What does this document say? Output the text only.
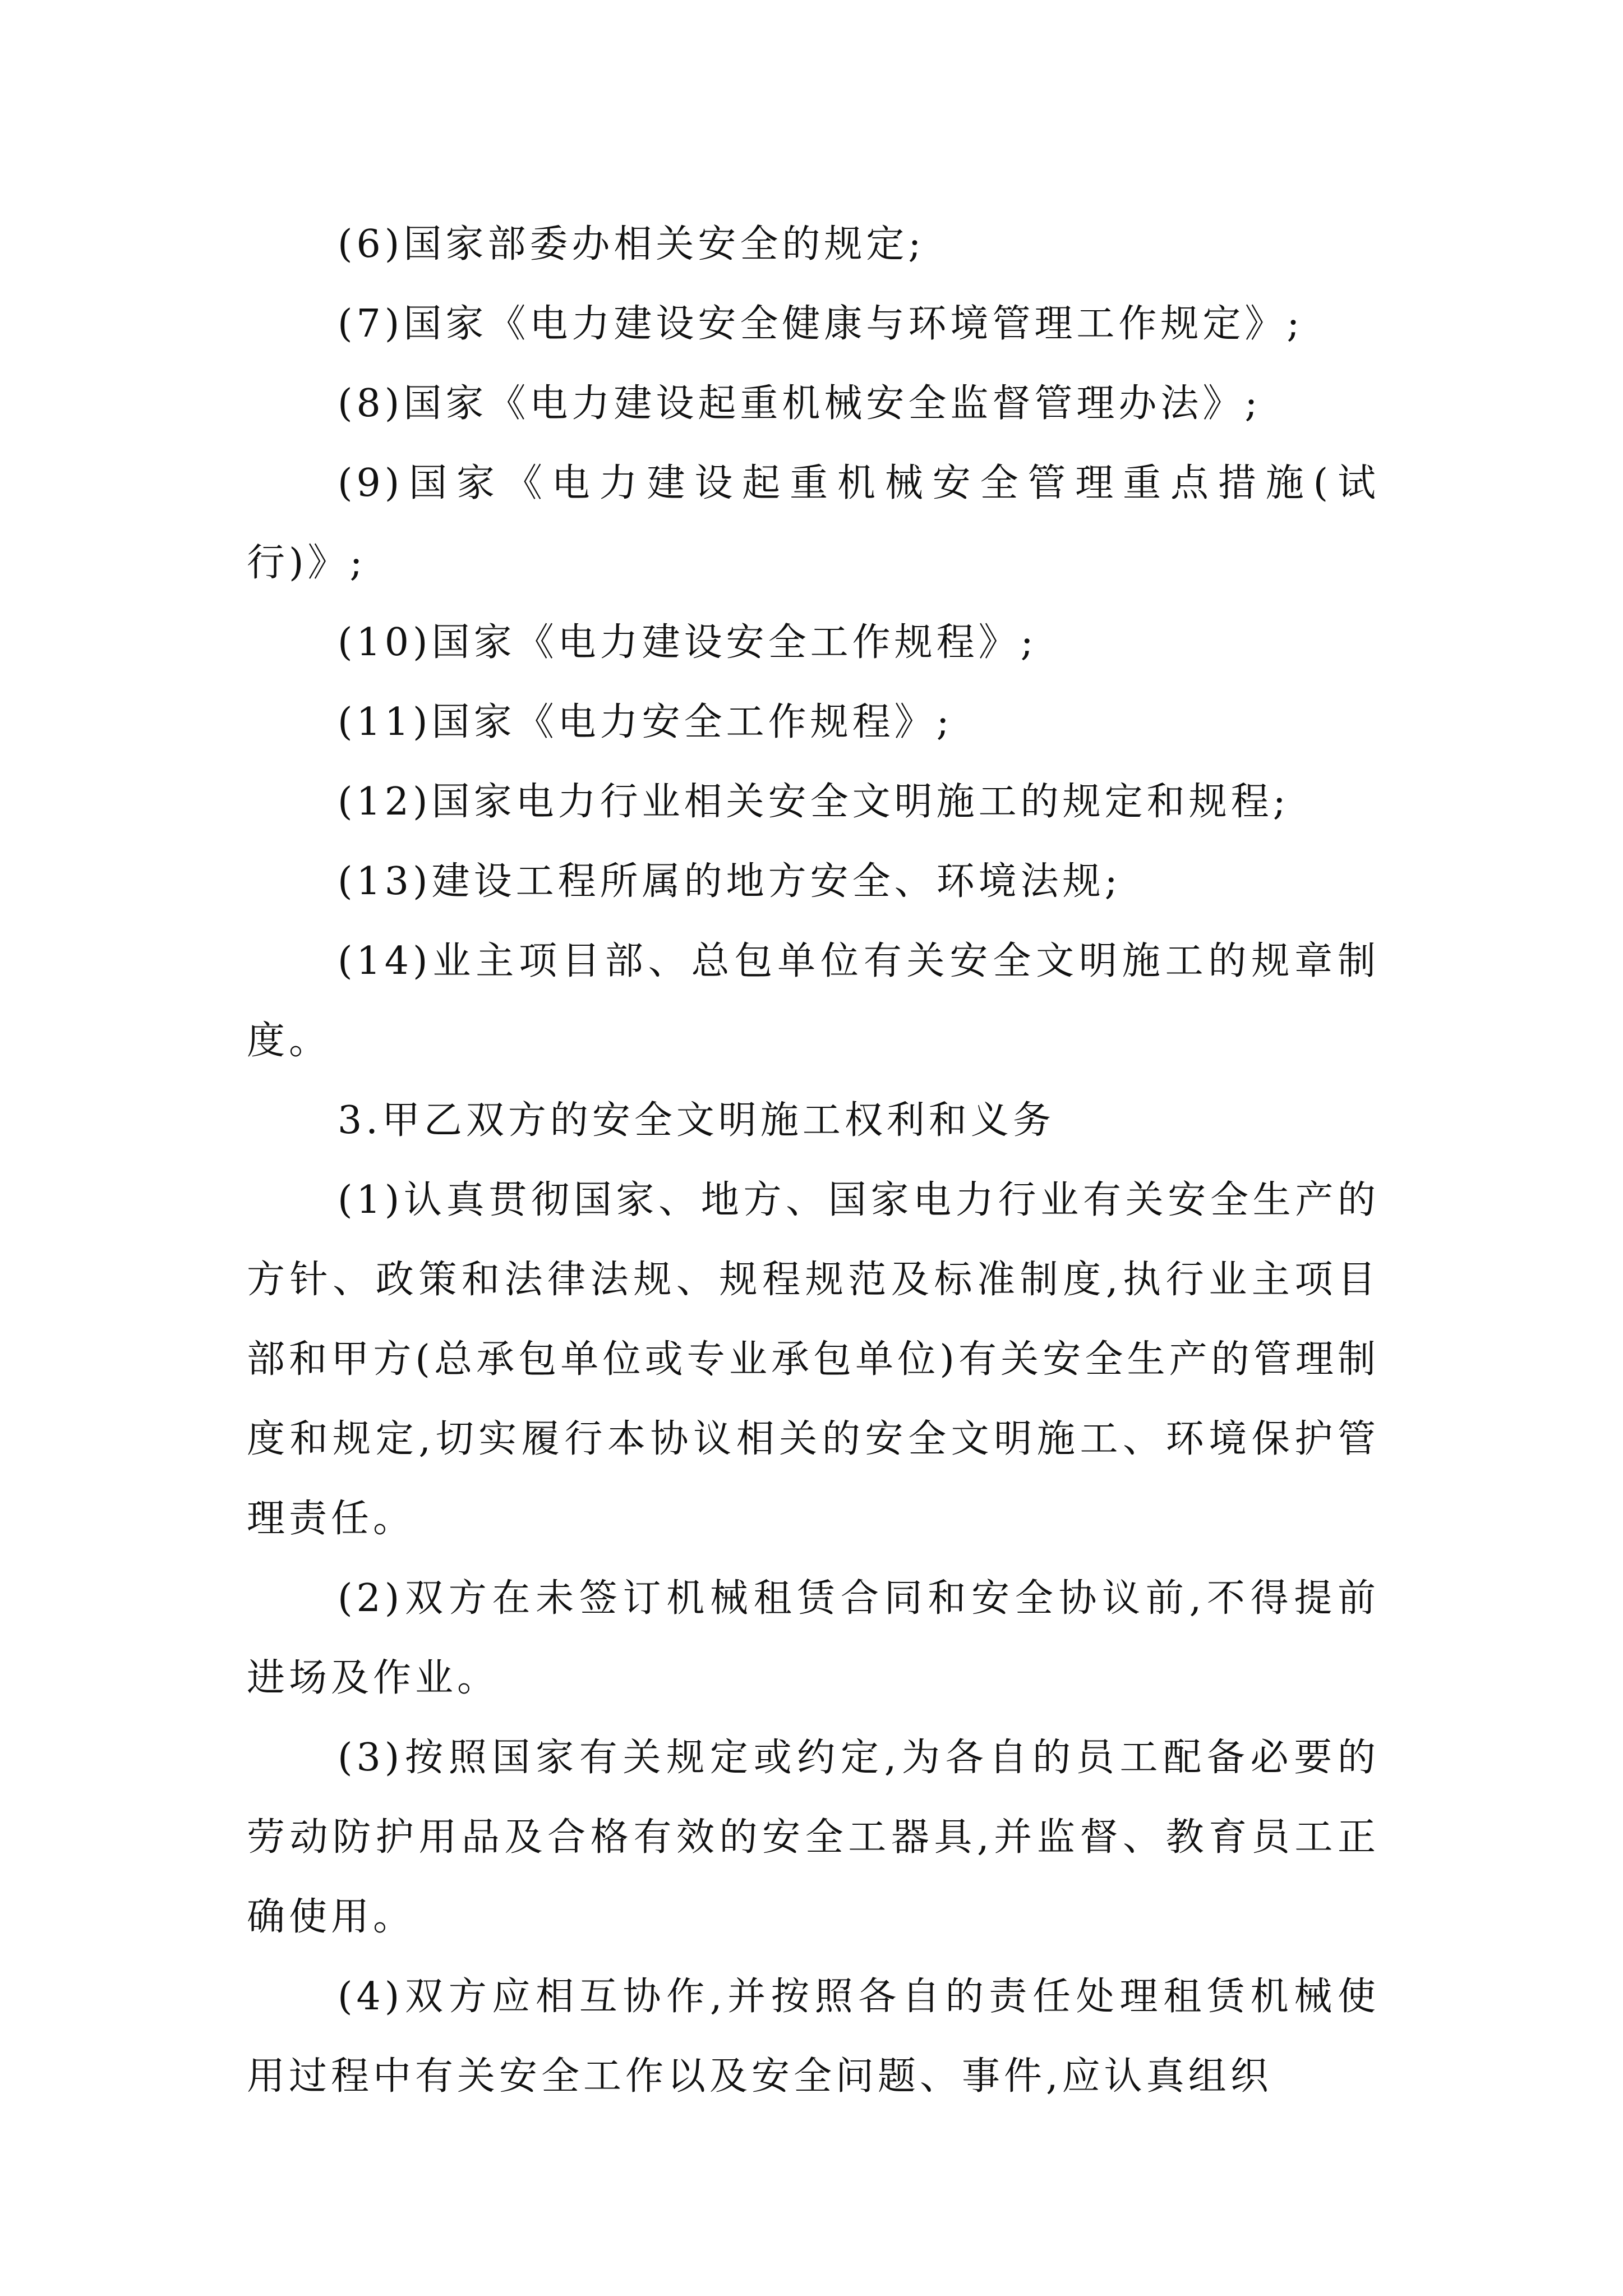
(6)国家部委办相关安全的规定;

(7)国家《电力建设安全健康与环境管理工作规定》;

(8)国家《电力建设起重机械安全监督管理办法》;

(9)国家《电力建设起重机械安全管理重点措施(试行)》;

(10)国家《电力建设安全工作规程》;

(11)国家《电力安全工作规程》;

(12)国家电力行业相关安全文明施工的规定和规程;

(13)建设工程所属的地方安全、环境法规;

(14)业主项目部、总包单位有关安全文明施工的规章制度。

3.甲乙双方的安全文明施工权利和义务

(1)认真贯彻国家、地方、国家电力行业有关安全生产的方针、政策和法律法规、规程规范及标准制度,执行业主项目部和甲方(总承包单位或专业承包单位)有关安全生产的管理制度和规定,切实履行本协议相关的安全文明施工、环境保护管理责任。

(2)双方在未签订机械租赁合同和安全协议前,不得提前进场及作业。

(3)按照国家有关规定或约定,为各自的员工配备必要的劳动防护用品及合格有效的安全工器具,并监督、教育员工正确使用。

(4)双方应相互协作,并按照各自的责任处理租赁机械使用过程中有关安全工作以及安全问题、事件,应认真组织
